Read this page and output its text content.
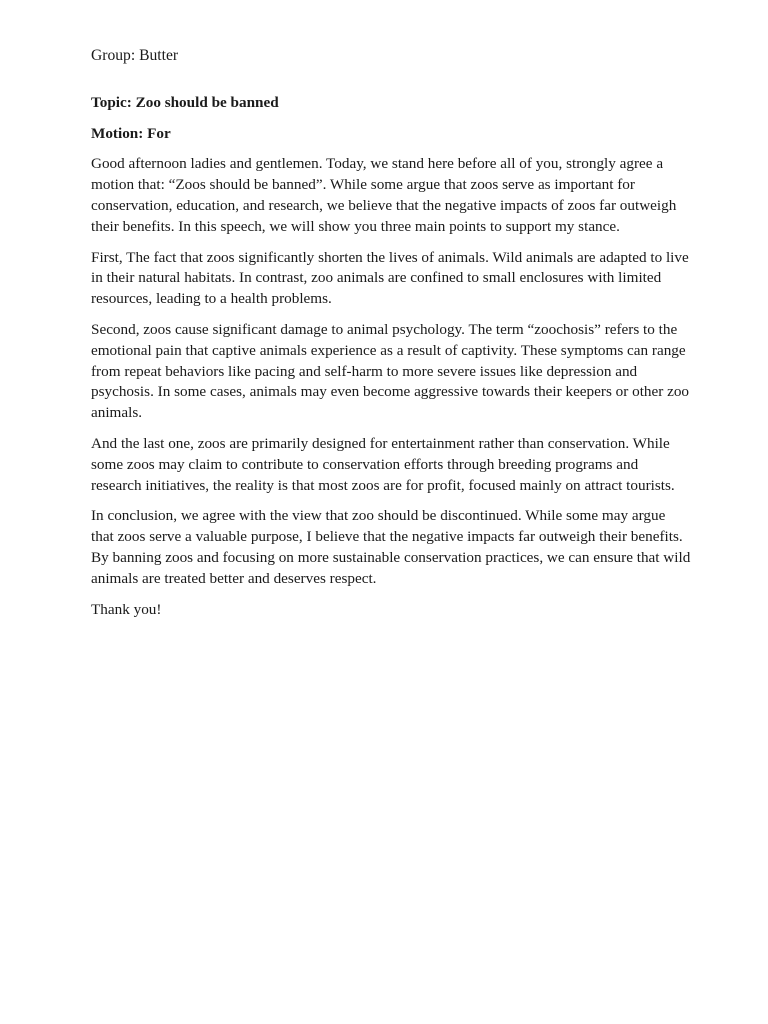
Group: Butter

Topic: Zoo should be banned

Motion: For

Good afternoon ladies and gentlemen. Today, we stand here before all of you, strongly agree a motion that: “Zoos should be banned”. While some argue that zoos serve as important for conservation, education, and research, we believe that the negative impacts of zoos far outweigh their benefits. In this speech, we will show you three main points to support my stance.

First, The fact that zoos significantly shorten the lives of animals. Wild animals are adapted to live in their natural habitats. In contrast, zoo animals are confined to small enclosures with limited resources, leading to a health problems.

Second, zoos cause significant damage to animal psychology. The term “zoochosis” refers to the emotional pain that captive animals experience as a result of captivity. These symptoms can range from repeat behaviors like pacing and self-harm to more severe issues like depression and psychosis. In some cases, animals may even become aggressive towards their keepers or other zoo animals.

And the last one, zoos are primarily designed for entertainment rather than conservation. While some zoos may claim to contribute to conservation efforts through breeding programs and research initiatives, the reality is that most zoos are for profit, focused mainly on attract tourists.

In conclusion, we agree with the view that zoo should be discontinued. While some may argue that zoos serve a valuable purpose, I believe that the negative impacts far outweigh their benefits. By banning zoos and focusing on more sustainable conservation practices, we can ensure that wild animals are treated better and deserves respect.

Thank you!
